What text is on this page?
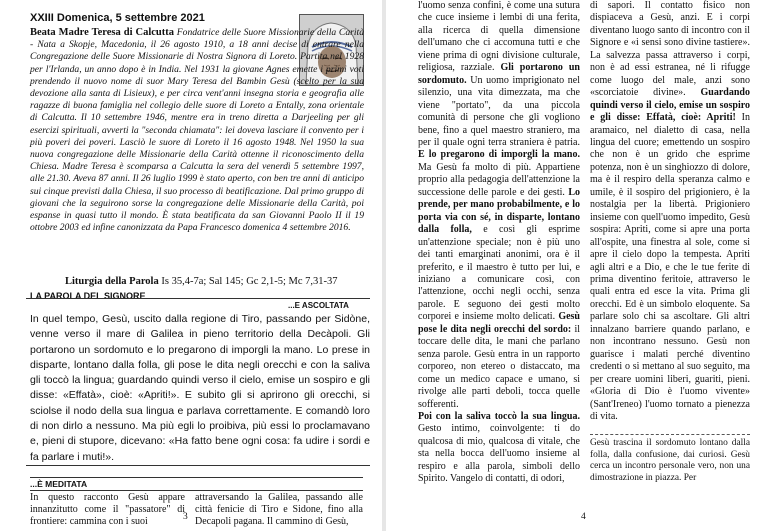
XXIII Domenica, 5 settembre 2021
Beata Madre Teresa di Calcutta Fondatrice delle Suore Missionarie della Carità - Nata a Skopje, Macedonia, il 26 agosto 1910, a 18 anni decise di entrare nella Congregazione delle Suore Missionarie di Nostra Signora di Loreto. Partita nel 1928 per l'Irlanda, un anno dopo è in India. Nel 1931 la giovane Agnes emette i primi voti prendendo il nuovo nome di suor Mary Teresa del Bambin Gesù (scelto per la sua devozione alla santa di Lisieux), e per circa vent'anni insegna storia e geografia alle ragazze di buona famiglia nel collegio delle suore di Loreto a Entally, zona orientale di Calcutta. Il 10 settembre 1946, mentre era in treno diretta a Darjeeling per gli esercizi spirituali, avverti la "seconda chiamata": lei doveva lasciare il convento per i più poveri dei poveri. Lasciò le suore di Loreto il 16 agosto 1948. Nel 1950 la sua nuova congregazione delle Missionarie della Carità ottenne il riconoscimento della Chiesa. Madre Teresa è scomparsa a Calcutta la sera del venerdì 5 settembre 1997, alle 21.30. Aveva 87 anni. Il 26 luglio 1999 è stato aperto, con ben tre anni di anticipo sui cinque previsti dalla Chiesa, il suo processo di beatificazione. Dal primo gruppo di giovani che la seguirono sorse la congregazione delle Missionarie della Carità, poi espanse in quasi tutto il mondo. È stata beatificata da san Giovanni Paolo II il 19 ottobre 2003 ed infine canonizzata da Papa Francesco domenica 4 settembre 2016.
Liturgia della Parola Is 35,4-7a; Sal 145; Gc 2,1-5; Mc 7,31-37
LA PAROLA DEL SIGNORE
...E ASCOLTATA
In quel tempo, Gesù, uscito dalla regione di Tiro, passando per Sidòne, venne verso il mare di Galilea in pieno territorio della Decàpoli. Gli portarono un sordomuto e lo pregarono di imporgli la mano. Lo prese in disparte, lontano dalla folla, gli pose le dita negli orecchi e con la saliva gli toccò la lingua; guardando quindi verso il cielo, emise un sospiro e gli disse: «Effatà», cioè: «Apriti!». E subito gli si aprirono gli orecchi, si sciolse il nodo della sua lingua e parlava correttamente. E comandò loro di non dirlo a nessuno. Ma più egli lo proibiva, più essi lo proclamavano e, pieni di stupore, dicevano: «Ha fatto bene ogni cosa: fa udire i sordi e fa parlare i muti!».
...È MEDITATA
In questo racconto Gesù appare innanzitutto come il "passatore" di frontiere: cammina con i suoi
attraversando la Galilea, passando alle città fenicie di Tiro e Sidone, fino alla Decapoli pagana. Il cammino di Gesù,
3
l'uomo senza confini, è come una sutura che cuce insieme i lembi di una ferita, alla ricerca di quella dimensione dell'umano che ci accomuna tutti e che viene prima di ogni divisione culturale, religiosa, razziale. Gli portarono un sordomuto. Un uomo imprigionato nel silenzio, una vita dimezzata, ma che viene "portato", da una piccola comunità di persone che gli vogliono bene, fino a quel maestro straniero, ma per il quale ogni terra straniera è patria. E lo pregarono di imporgli la mano. Ma Gesù fa molto di più. Appartiene proprio alla pedagogia dell'attenzione la successione delle parole e dei gesti. Lo prende, per mano probabilmente, e lo porta via con sé, in disparte, lontano dalla folla, e così gli esprime un'attenzione speciale; non è più uno dei tanti emarginati anonimi, ora è il preferito, e il maestro è tutto per lui, e iniziano a comunicare così, con l'attenzione, occhi negli occhi, senza parole. E seguono dei gesti molto corporei e insieme molto delicati. Gesù pose le dita negli orecchi del sordo: il toccare delle dita, le mani che parlano senza parole. Gesù entra in un rapporto corporeo, non etereo o distaccato, ma come un medico capace e umano, si rivolge alle parti deboli, tocca quelle sofferenti.
Poi con la saliva toccò la sua lingua. Gesto intimo, coinvolgente: ti do qualcosa di mio, qualcosa di vitale, che sta nella bocca dell'uomo insieme al respiro e alla parola, simboli dello Spirito. Vangelo di contatti, di odori,
di sapori. Il contatto fisico non dispiaceva a Gesù, anzi. E i corpi diventano luogo santo di incontro con il Signore e «i sensi sono divine tastiere». La salvezza passa attraverso i corpi, non è ad essi estranea, né li rifugge come luogo del male, anzi sono «scorciatoie divine». Guardando quindi verso il cielo, emise un sospiro e gli disse: Effatà, cioè: Apriti! In aramaico, nel dialetto di casa, nella lingua del cuore; emettendo un sospiro che non è un grido che esprime potenza, non è un singhiozzo di dolore, ma è il respiro della speranza calmo e umile, è il sospiro del prigioniero, è la nostalgia per la libertà. Prigioniero insieme con quell'uomo impedito, Gesù sospira: Apriti, come si apre una porta all'ospite, una finestra al sole, come si apre il cielo dopo la tempesta. Apriti agli altri e a Dio, e che le tue ferite di prima diventino feritoie, attraverso le quali entra ed esce la vita. Prima gli orecchi. Ed è un simbolo eloquente. Sa parlare solo chi sa ascoltare. Gli altri innalzano barriere quando parlano, e non incontrano nessuno. Gesù non guarisce i malati perché diventino credenti o si mettano al suo seguito, ma per creare uomini liberi, guariti, pieni. «Gloria di Dio è l'uomo vivente» (Sant'Ireneo) l'uomo tornato a pienezza di vita.
Gesù trascina il sordomuto lontano dalla folla, dalla confusione, dai curiosi. Gesù cerca un incontro personale vero, non una dimostrazione in piazza. Per
4
